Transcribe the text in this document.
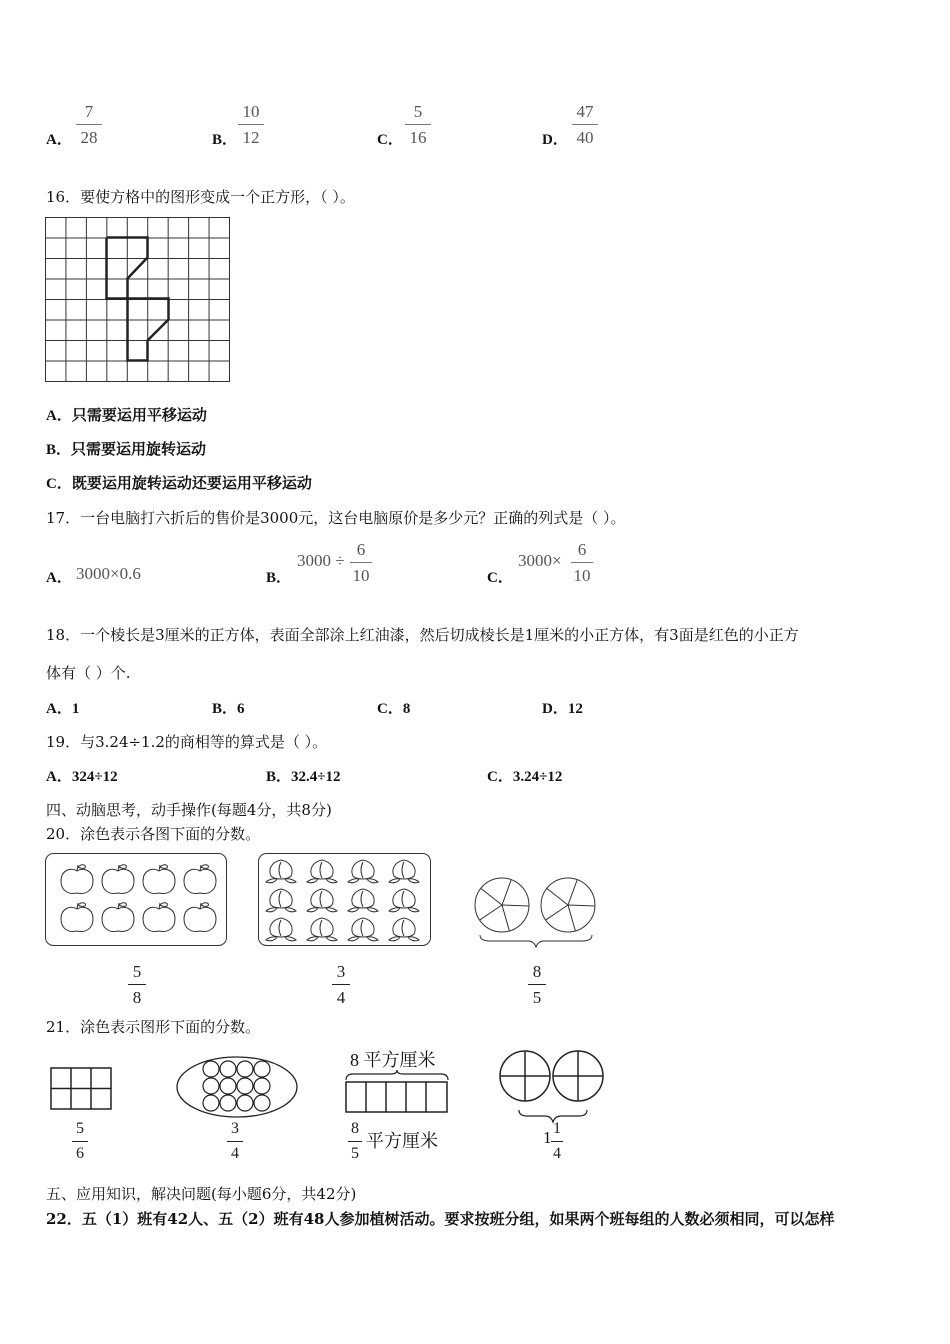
A．
7
28	B．
10
12	C．
5
16	D．
47
40
16．要使方格中的图形变成一个正方形，（ ）。
A．只需要运用平移运动
B．只需要运用旋转运动
C．既要运用旋转运动还要运用平移运动
17．一台电脑打六折后的售价是3000元，这台电脑原价是多少元？正确的列式是（ ）。
A． 3000×0.6	B．
3000 ÷
6
10	C．
3000×
6
10
18．一个棱长是3厘米的正方体，表面全部涂上红油漆，然后切成棱长是1厘米的小正方体，有3面是红色的小正方
体有（ ）个.
A．1	B．6	C．8	D．12
19．与3.24÷1.2的商相等的算式是（ ）。
A．324÷12	B．32.4÷12	C．3.24÷12
四、动脑思考，动手操作(每题4分，共8分)
20．涂色表示各图下面的分数。
5
8
3
4
8
5
21．涂色表示图形下面的分数。
5
6
3
4
8 平方厘米
8
5
平方厘米	1 1
4
五、应用知识，解决问题(每小题6分，共42分)
22．五（1）班有42人、五（2）班有48人参加植树活动。要求按班分组，如果两个班每组的人数必须相同，可以怎样
